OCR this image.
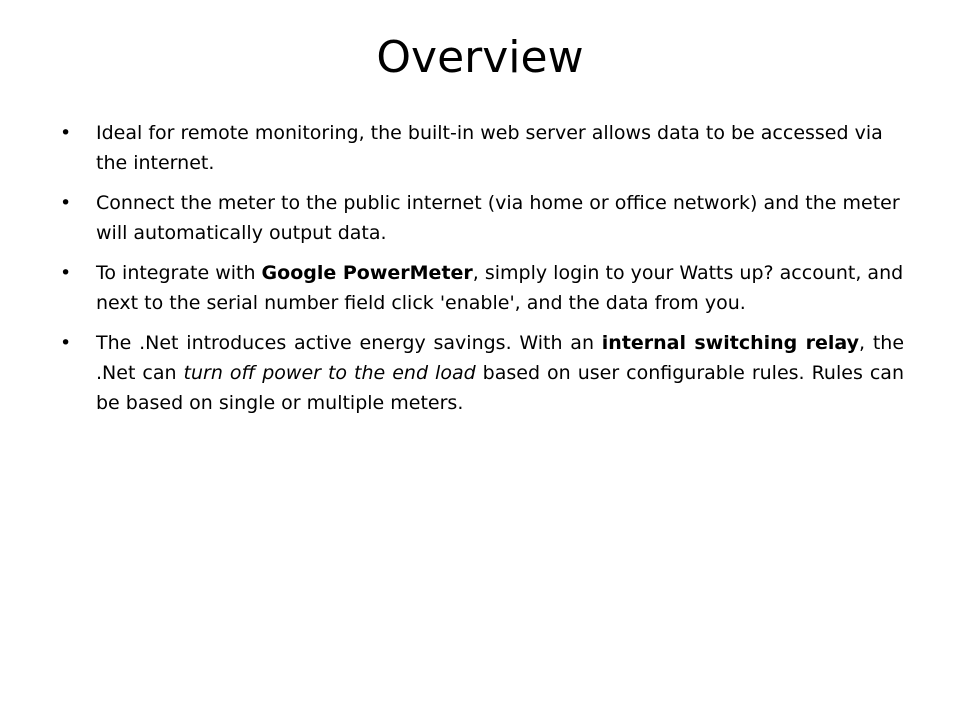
Overview
• Ideal for remote monitoring, the built-in web server allows data to be accessed via the internet.
• Connect the meter to the public internet (via home or office network) and the meter will automatically output data.
• To integrate with Google PowerMeter, simply login to your Watts up? account, and next to the serial number field click 'enable', and the data from you.
• The .Net introduces active energy savings. With an internal switching relay, the .Net can turn off power to the end load based on user configurable rules. Rules can be based on single or multiple meters.
